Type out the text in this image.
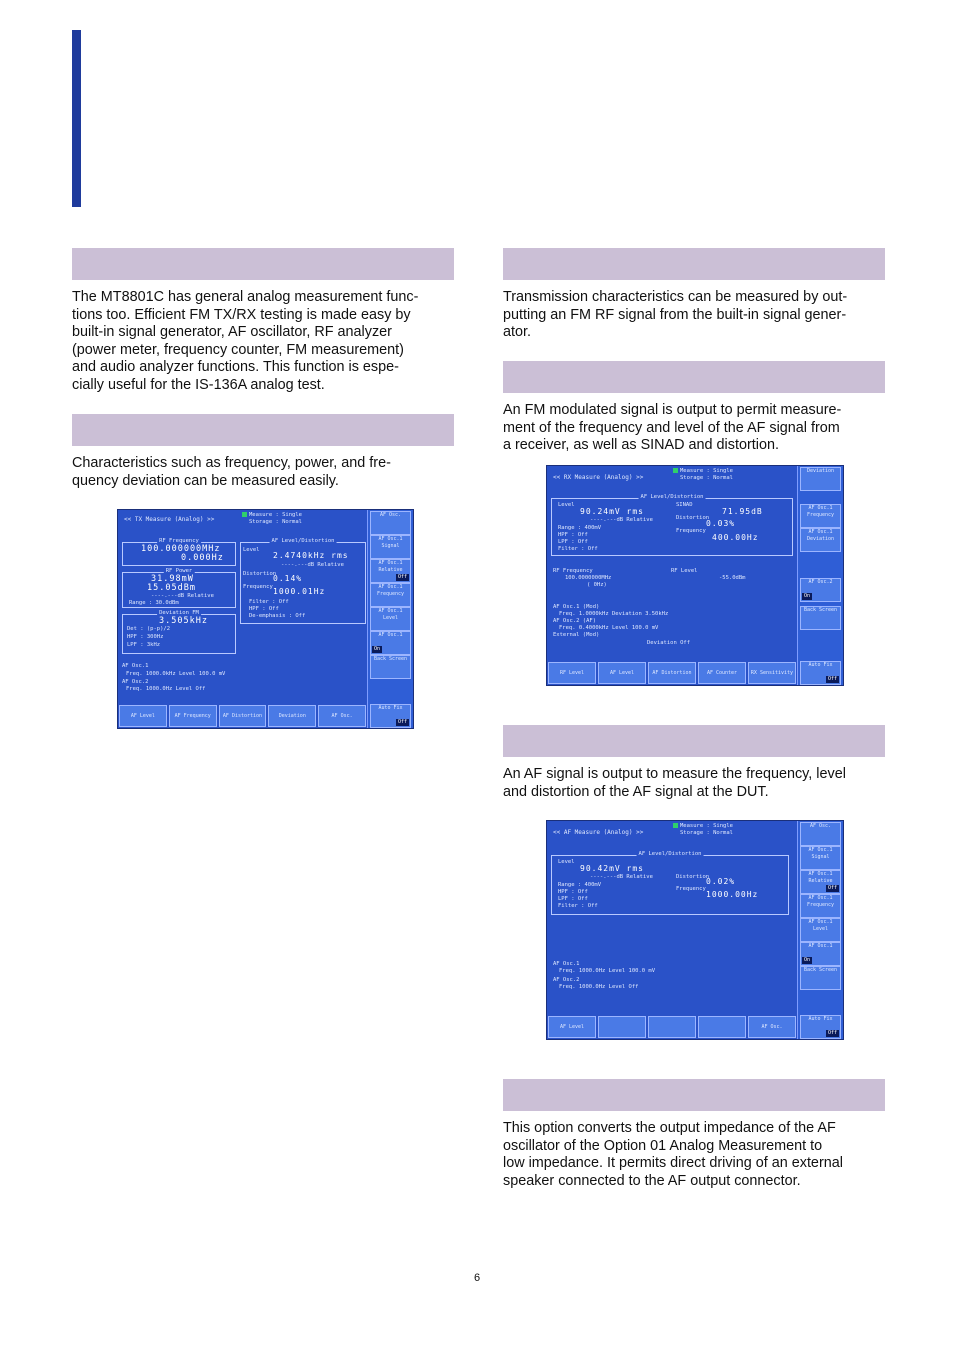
The MT8801C has general analog measurement func-
tions too. Efficient FM TX/RX testing is made easy by
built-in signal generator, AF oscillator, RF analyzer
(power meter, frequency counter, FM measurement)
and audio analyzer functions. This function is espe-
cially useful for the IS-136A analog test.
Characteristics such as frequency, power, and fre-
quency deviation can be measured easily.
<< TX Measure (Analog) >>
Measure : Single
Storage : Normal
RF Frequency
100.000000MHz
0.000Hz
RF Power
31.98mW
15.05dBm
----.---dB Relative
Range : 30.0dBm
Deviation FM
3.505kHz
Det : (p-p)/2
HPF : 300Hz
LPF : 3kHz
AF Level/Distortion
Level
2.4740kHz rms
----.---dB Relative
Distortion
0.14%
Frequency 1000.01Hz
Filter : Off
HPF : Off
De-emphasis : Off
AF Osc.1
Freq. 1000.0kHz Level 100.0 mV
AF Osc.2
Freq. 1000.0Hz Level Off
AF Osc.
AF Osc.1 Signal
AF Osc.1 Relative
Off
AF Osc.1 Frequency
AF Osc.1 Level
AF Osc.1
On
Back Screen
Auto Fix
Off
AF Level	AF Frequency	AF Distortion	Deviation	AF Osc.
Transmission characteristics can be measured by out-
putting an FM RF signal from the built-in signal gener-
ator.
An FM modulated signal is output to permit measure-
ment of the frequency and level of the AF signal from
a receiver, as well as SINAD and distortion.
<< RX Measure (Analog) >>
Measure : Single
Storage : Normal
AF Level/Distortion
Level
90.24mV rms
----.---dB Relative
Range : 400mV
HPF : Off
LPF : Off
Filter : Off
SINAD
71.95dB
Distortion
0.03%
Frequency
400.00Hz
RF Frequency
100.0000000MHz
( 0Hz)
RF Level
-55.0dBm
AF Osc.1 (Mod)
Freq. 1.0000kHz Deviation 3.50kHz
AF Osc.2 (AF)
Freq. 0.4000kHz Level 100.0 mV
External (Mod)
Deviation Off
Deviation
AF Osc.1 Frequency
AF Osc.1 Deviation
AF Osc.2
On
Back Screen
Auto Fix
Off
RF Level	AF Level	AF Distortion	AF Counter	RX Sensitivity
An AF signal is output to measure the frequency, level
and distortion of the AF signal at the DUT.
<< AF Measure (Analog) >>
Measure : Single
Storage : Normal
AF Level/Distortion
Level
90.42mV rms
----.---dB Relative
Range : 400mV
HPF : Off
LPF : Off
Filter : Off
Distortion
0.02%
Frequency
1000.00Hz
AF Osc.1
Freq. 1000.0Hz Level 100.0 mV
AF Osc.2
Freq. 1000.0Hz Level Off
AF Osc.
AF Osc.1 Signal
AF Osc.1 Relative
Off
AF Osc.1 Frequency
AF Osc.1 Level
AF Osc.1
On
Back Screen
Auto Fix
Off
AF Level	AF Osc.
This option converts the output impedance of the AF
oscillator of the Option 01 Analog Measurement to
low impedance. It permits direct driving of an external
speaker connected to the AF output connector.
6
